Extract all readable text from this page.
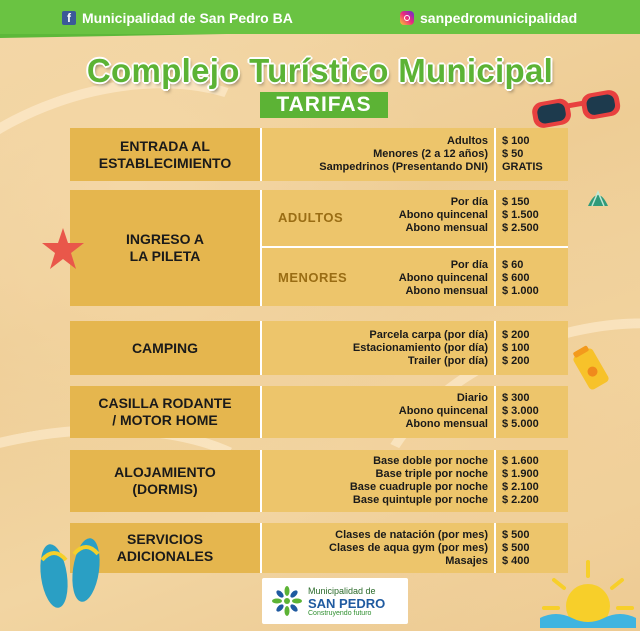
f Municipalidad de San Pedro BA	sanpedromunicipalidad
Complejo Turístico Municipal
TARIFAS
ENTRADA AL
ESTABLECIMIENTO
Adultos
Menores (2 a 12 años)
Sampedrinos (Presentando DNI)
$ 100
$ 50
GRATIS
INGRESO A
LA PILETA
ADULTOS
Por día
Abono quincenal
Abono mensual
MENORES
Por día
Abono quincenal
Abono mensual
$ 150
$ 1.500
$ 2.500
$ 60
$ 600
$ 1.000
CAMPING
Parcela carpa (por día)
Estacionamiento (por día)
Trailer (por día)
$ 200
$ 100
$ 200
CASILLA RODANTE
/ MOTOR HOME
Diario
Abono quincenal
Abono mensual
$ 300
$ 3.000
$ 5.000
ALOJAMIENTO
(DORMIS)
Base doble por noche
Base triple por noche
Base cuadruple por noche
Base quintuple por noche
$ 1.600
$ 1.900
$ 2.100
$ 2.200
SERVICIOS
ADICIONALES
Clases de natación (por mes)
Clases de aqua gym (por mes)
Masajes
$ 500
$ 500
$ 400
Municipalidad de
SAN PEDRO
Construyendo futuro
